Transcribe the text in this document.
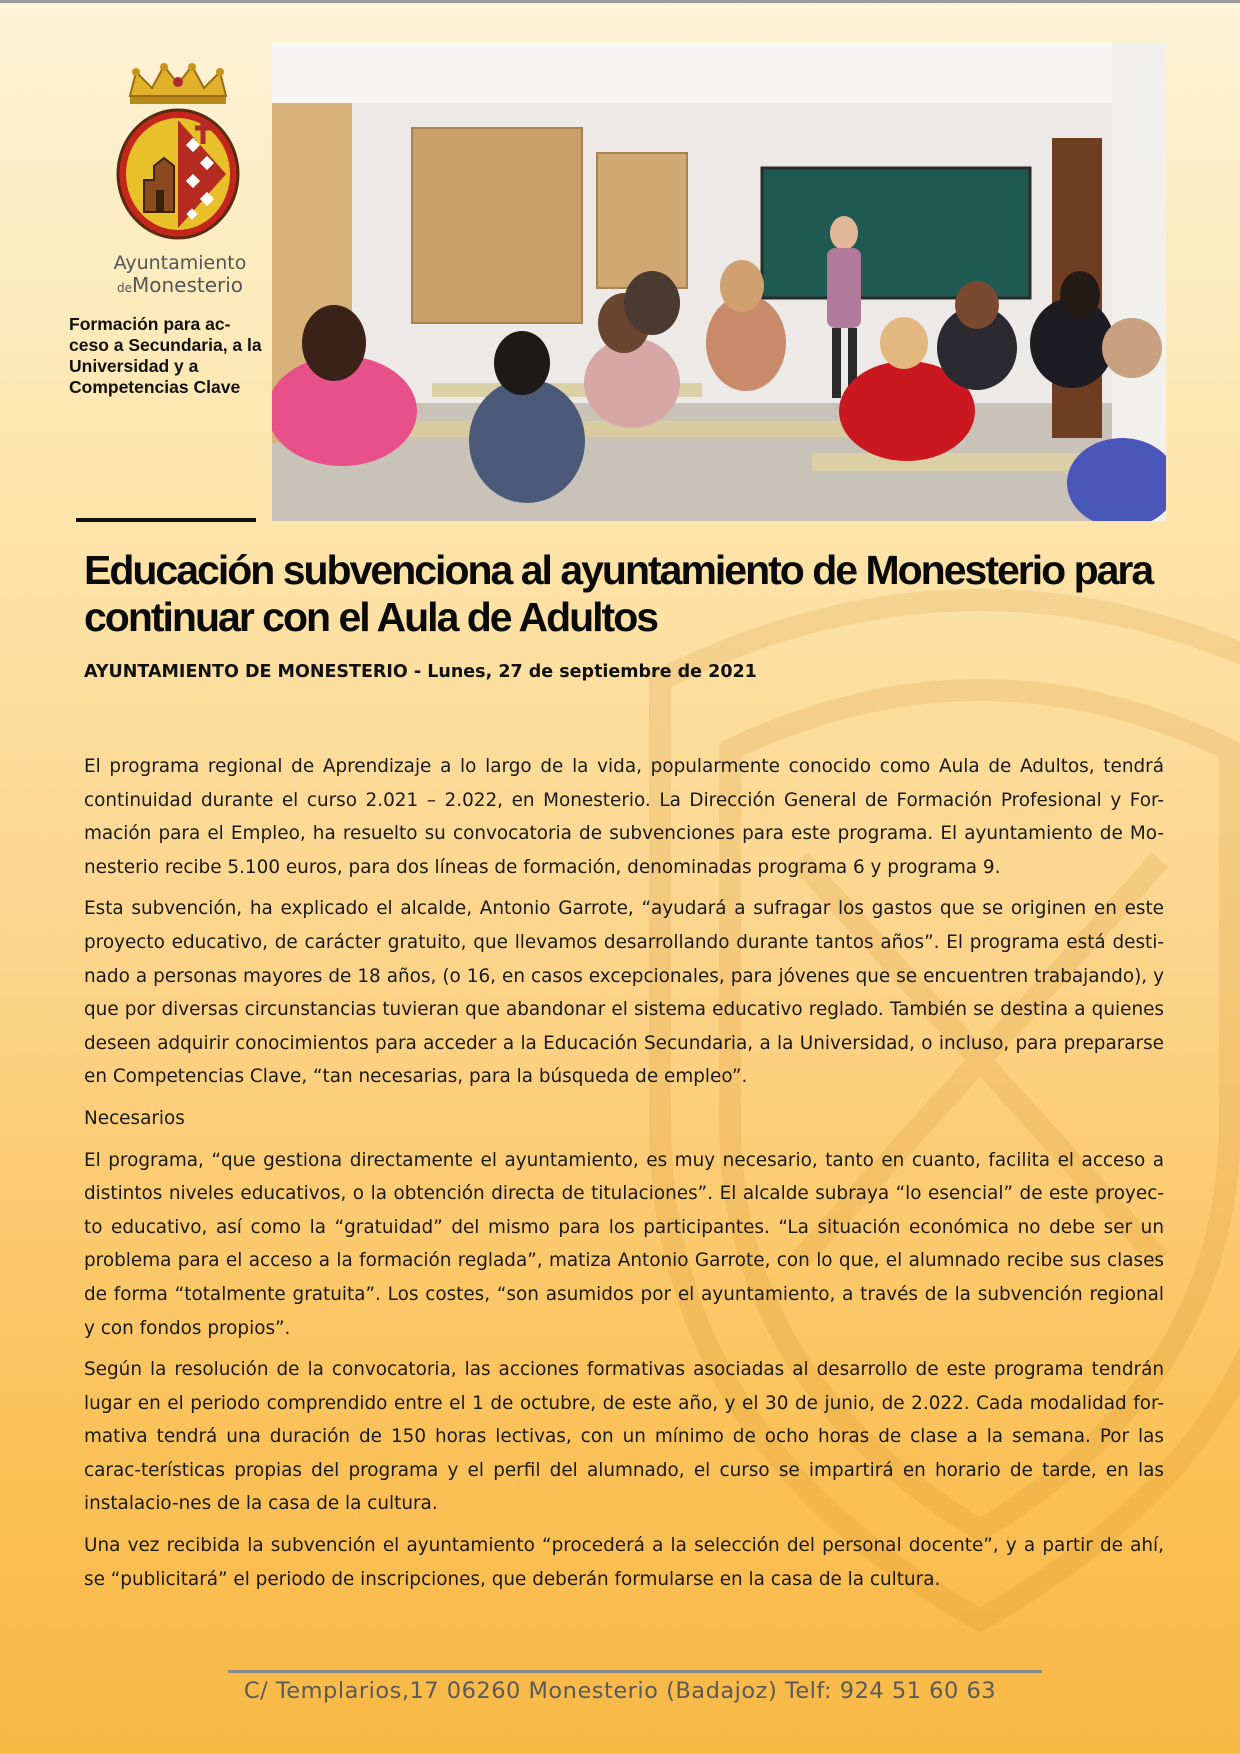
Ayuntamiento
deMonesterio
Formación para ac-ceso a Secundaria, a la Universidad y a Competencias Clave
Educación subvenciona al ayuntamiento de Monesterio para continuar con el Aula de Adultos

AYUNTAMIENTO DE MONESTERIO - Lunes, 27 de septiembre de 2021

El programa regional de Aprendizaje a lo largo de la vida, popularmente conocido como Aula de Adultos, tendrá continuidad durante el curso 2.021 – 2.022, en Monesterio. La Dirección General de Formación Profesional y For-mación para el Empleo, ha resuelto su convocatoria de subvenciones para este programa. El ayuntamiento de Mo-nesterio recibe 5.100 euros, para dos líneas de formación, denominadas programa 6 y programa 9.

Esta subvención, ha explicado el alcalde, Antonio Garrote, “ayudará a sufragar los gastos que se originen en este proyecto educativo, de carácter gratuito, que llevamos desarrollando durante tantos años”. El programa está desti-nado a personas mayores de 18 años, (o 16, en casos excepcionales, para jóvenes que se encuentren trabajando), y que por diversas circunstancias tuvieran que abandonar el sistema educativo reglado. También se destina a quienes deseen adquirir conocimientos para acceder a la Educación Secundaria, a la Universidad, o incluso, para prepararse en Competencias Clave, “tan necesarias, para la búsqueda de empleo”.

Necesarios

El programa, “que gestiona directamente el ayuntamiento, es muy necesario, tanto en cuanto, facilita el acceso a distintos niveles educativos, o la obtención directa de titulaciones”. El alcalde subraya “lo esencial” de este proyec-to educativo, así como la “gratuidad” del mismo para los participantes. “La situación económica no debe ser un problema para el acceso a la formación reglada”, matiza Antonio Garrote, con lo que, el alumnado recibe sus clases de forma “totalmente gratuita”. Los costes, “son asumidos por el ayuntamiento, a través de la subvención regional y con fondos propios”.

Según la resolución de la convocatoria, las acciones formativas asociadas al desarrollo de este programa tendrán lugar en el periodo comprendido entre el 1 de octubre, de este año, y el 30 de junio, de 2.022. Cada modalidad for-mativa tendrá una duración de 150 horas lectivas, con un mínimo de ocho horas de clase a la semana. Por las carac-terísticas propias del programa y el perfil del alumnado, el curso se impartirá en horario de tarde, en las instalacio-nes de la casa de la cultura.

Una vez recibida la subvención el ayuntamiento “procederá a la selección del personal docente”, y a partir de ahí, se “publicitará” el periodo de inscripciones, que deberán formularse en la casa de la cultura.

C/ Templarios,17 06260 Monesterio (Badajoz) Telf: 924 51 60 63
